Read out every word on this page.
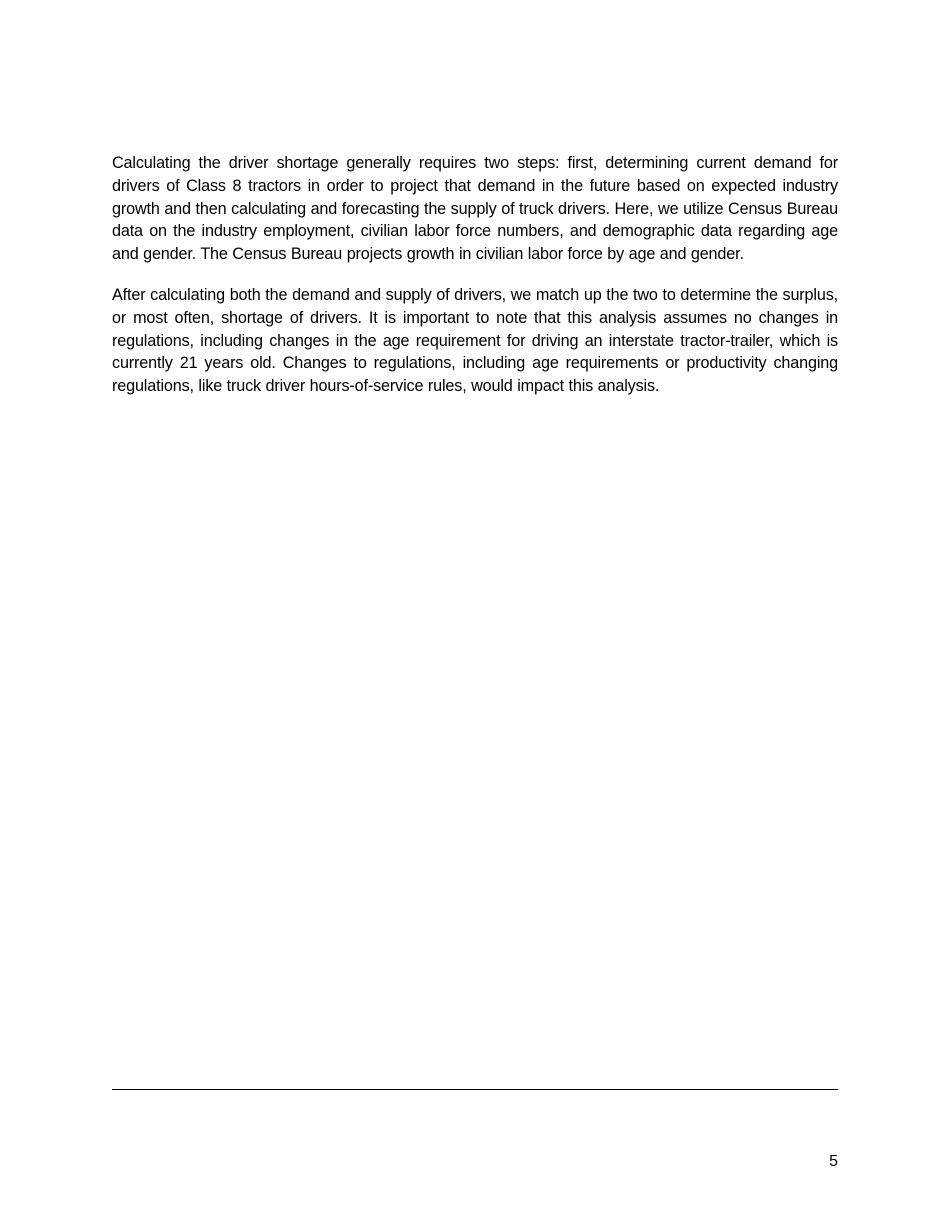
Calculating the driver shortage generally requires two steps: first, determining current demand for drivers of Class 8 tractors in order to project that demand in the future based on expected industry growth and then calculating and forecasting the supply of truck drivers. Here, we utilize Census Bureau data on the industry employment, civilian labor force numbers, and demographic data regarding age and gender. The Census Bureau projects growth in civilian labor force by age and gender.

After calculating both the demand and supply of drivers, we match up the two to determine the surplus, or most often, shortage of drivers. It is important to note that this analysis assumes no changes in regulations, including changes in the age requirement for driving an interstate tractor-trailer, which is currently 21 years old. Changes to regulations, including age requirements or productivity changing regulations, like truck driver hours-of-service rules, would impact this analysis.

5
